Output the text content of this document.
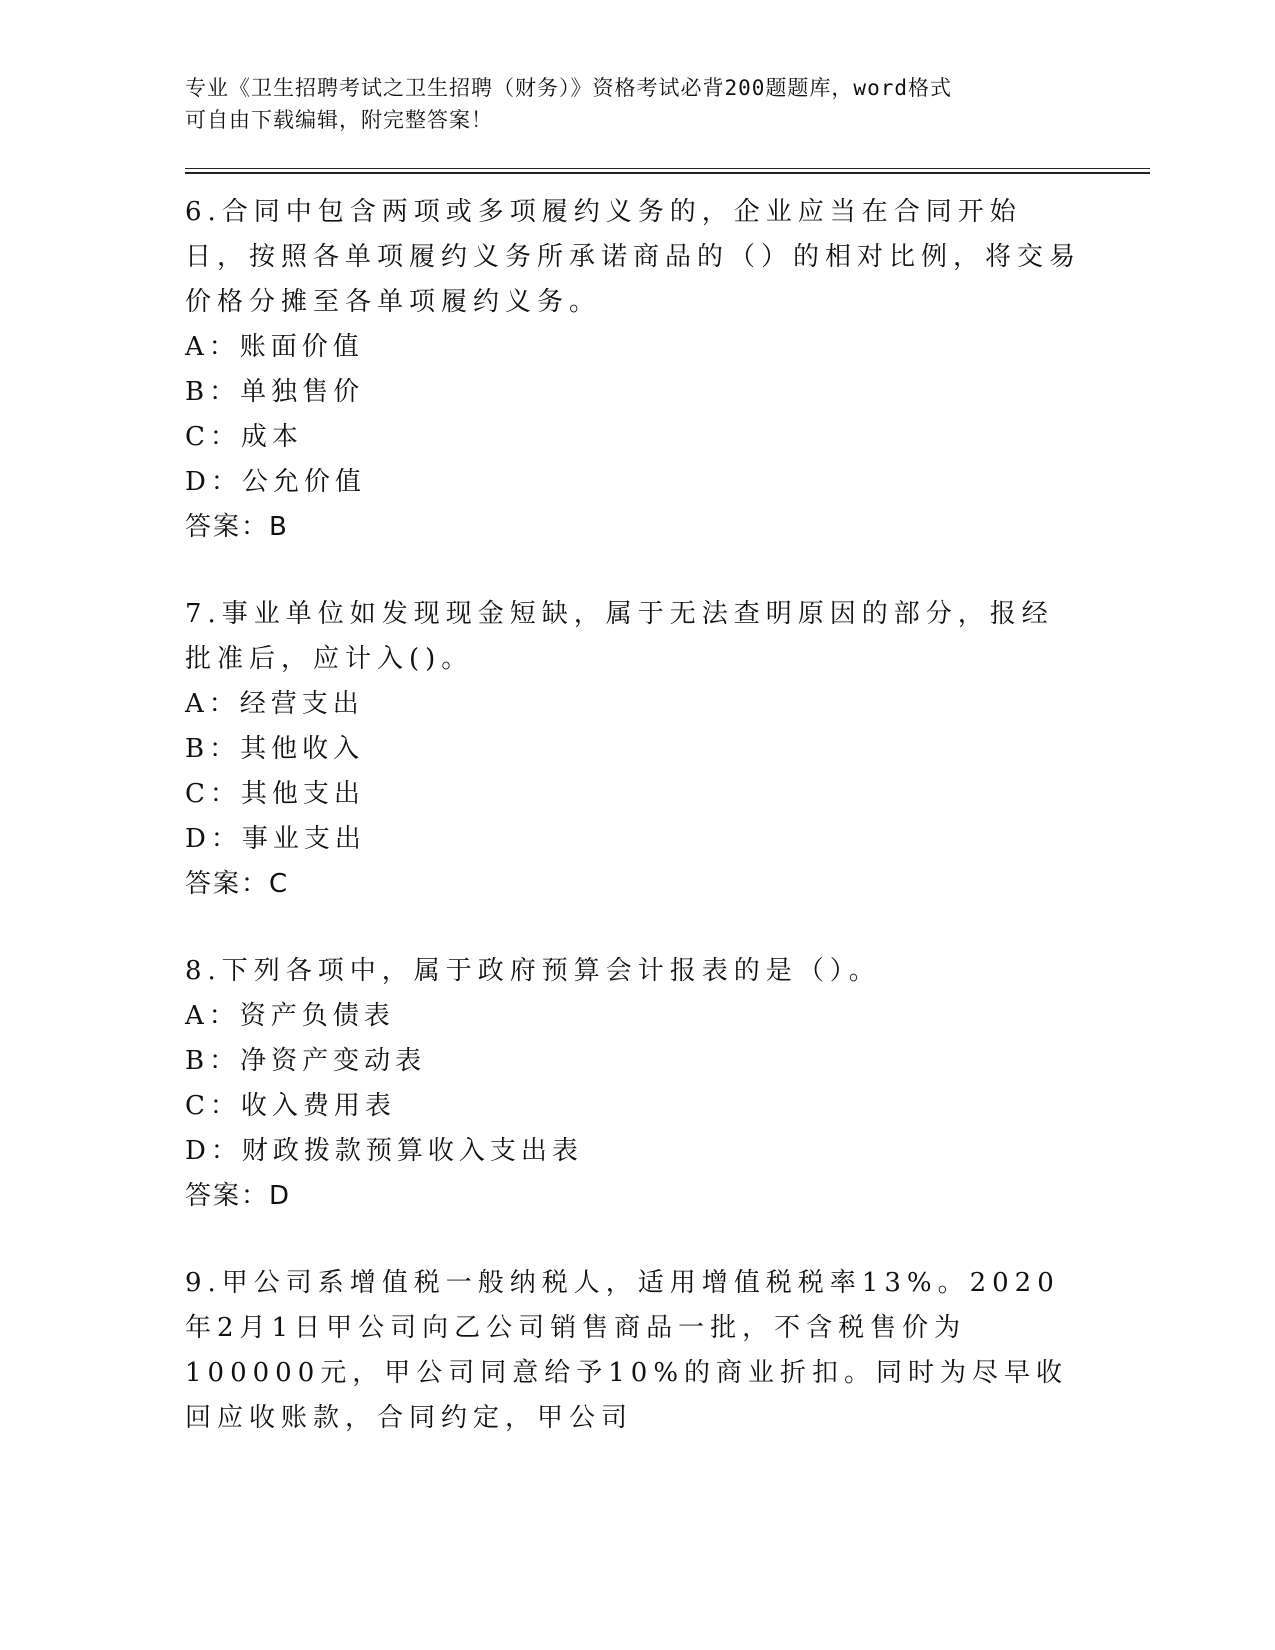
专业《卫生招聘考试之卫生招聘（财务）》资格考试必背200题题库，word格式
可自由下载编辑，附完整答案！
6.合同中包含两项或多项履约义务的，企业应当在合同开始日，按照各单项履约义务所承诺商品的（）的相对比例，将交易价格分摊至各单项履约义务。
A：账面价值
B：单独售价
C：成本
D：公允价值
答案：B
7.事业单位如发现现金短缺，属于无法查明原因的部分，报经批准后，应计入()。
A：经营支出
B：其他收入
C：其他支出
D：事业支出
答案：C
8.下列各项中，属于政府预算会计报表的是（）。
A：资产负债表
B：净资产变动表
C：收入费用表
D：财政拨款预算收入支出表
答案：D
9.甲公司系增值税一般纳税人，适用增值税税率13%。2020年2月1日甲公司向乙公司销售商品一批，不含税售价为100000元，甲公司同意给予10%的商业折扣。同时为尽早收回应收账款，合同约定，甲公司
